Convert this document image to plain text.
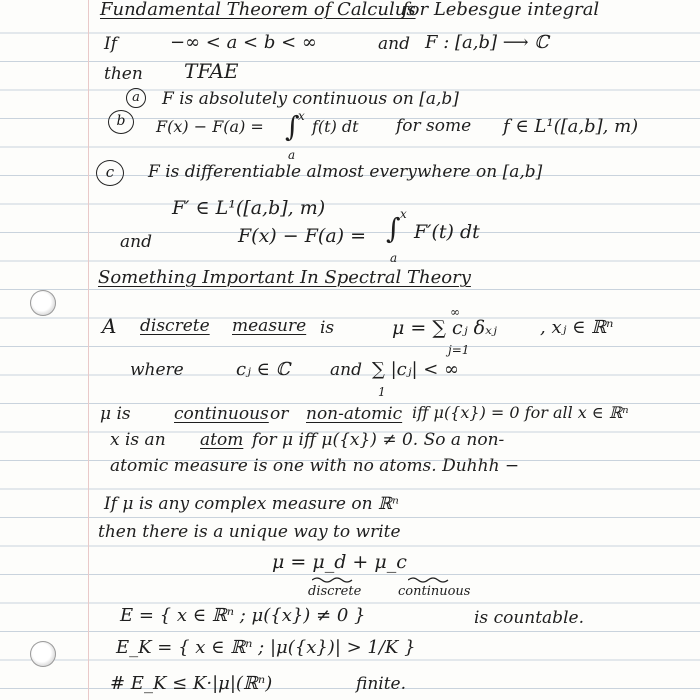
Fundamental Theorem of Calculus
for Lebesgue integral
If	−∞ < a < b < ∞	and F : [a,b] ⟶ ℂ
then TFAE
a	F is absolutely continuous on [a,b]
b	F(x) − F(a) = ∫
x
a
f(t) dt for some f ∈ L¹([a,b], m)
c	F is differentiable almost everywhere on [a,b]
F′ ∈ L¹([a,b], m)
and	F(x) − F(a) = ∫ x
a
F′(t) dt
Something Important In Spectral Theory
A discrete measure is
∞
μ = ∑ cⱼ δₓⱼ
j=1
, xⱼ ∈ ℝⁿ
where	cⱼ ∈ ℂ and ∑ |cⱼ| < ∞
1
μ is	continuous or non-atomic iff μ({x}) = 0 for all x ∈ ℝⁿ
x is an atom for μ iff μ({x}) ≠ 0. So a non-
atomic measure is one with no atoms. Duhhh −
If μ is any complex measure on ℝⁿ
then there is a unique way to write
μ = μ_d + μ_c
discrete	continuous
E = { x ∈ ℝⁿ ; μ({x}) ≠ 0 }	is countable.
E_K = { x ∈ ℝⁿ ; |μ({x})| > 1/K }
# E_K ≤ K·|μ|(ℝⁿ)	finite.
